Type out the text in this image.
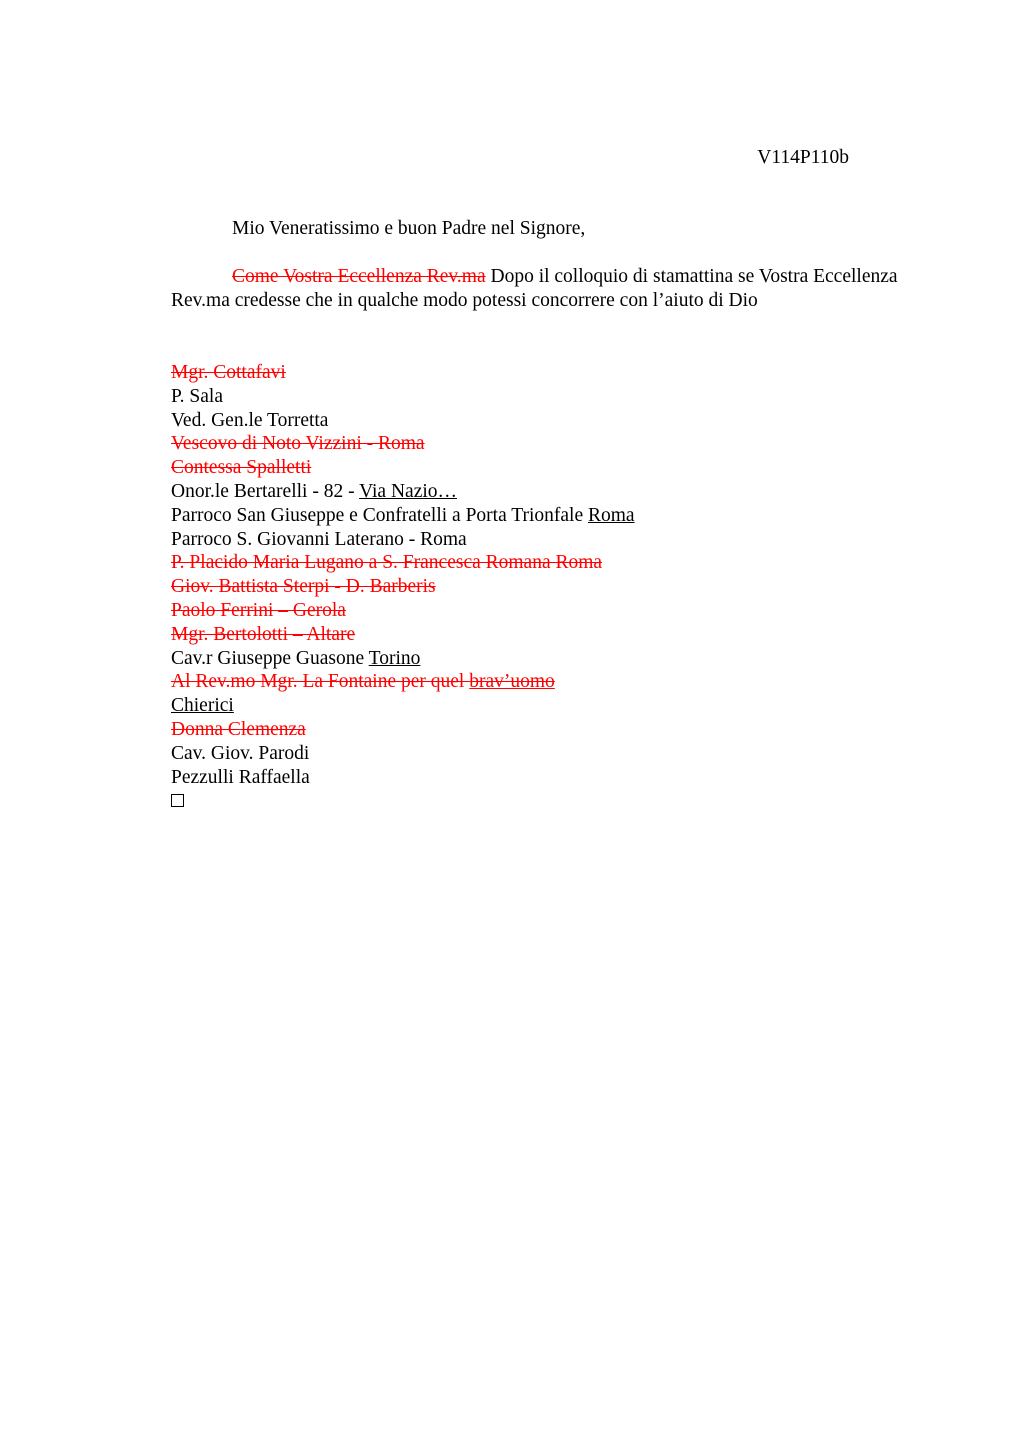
V114P110b
Mio Veneratissimo e buon Padre nel Signore,
Come Vostra Eccellenza Rev.ma Dopo il colloquio di stamattina se Vostra Eccellenza Rev.ma credesse che in qualche modo potessi concorrere con l’aiuto di Dio
Mgr. Cottafavi
P. Sala
Ved. Gen.le Torretta
Vescovo di Noto Vizzini - Roma
Contessa Spalletti
Onor.le Bertarelli - 82 - Via Nazio…
Parroco San Giuseppe e Confratelli a Porta Trionfale Roma
Parroco S. Giovanni Laterano - Roma
P. Placido Maria Lugano a S. Francesca Romana Roma
Giov. Battista Sterpi - D. Barberis
Paolo Ferrini – Gerola
Mgr. Bertolotti – Altare
Cav.r Giuseppe Guasone Torino
Al Rev.mo Mgr. La Fontaine per quel brav’uomo
Chierici
Donna Clemenza
Cav. Giov. Parodi
Pezzulli Raffaella
